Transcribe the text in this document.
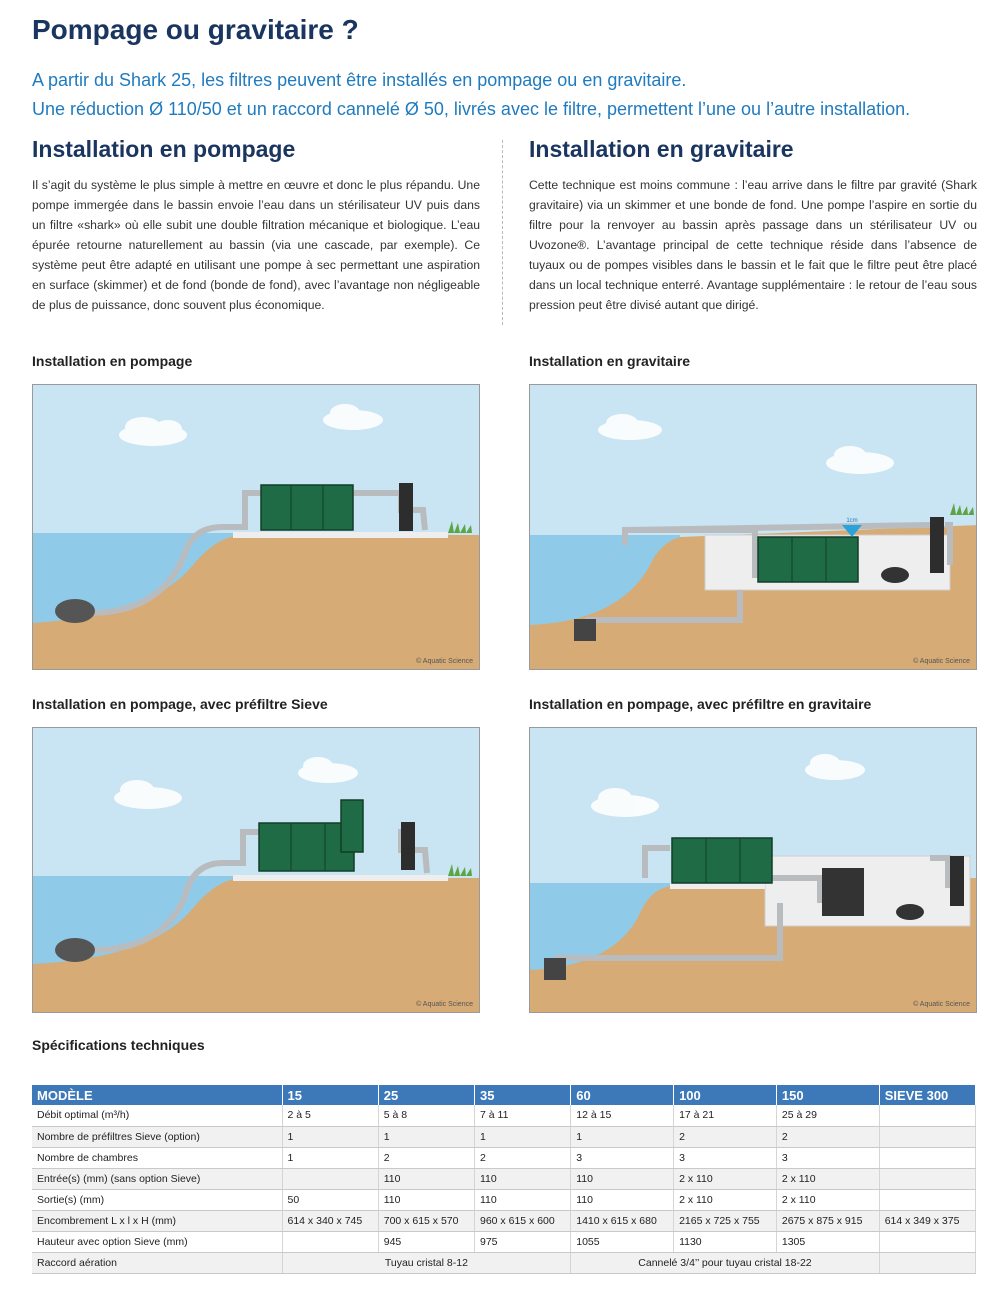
Pompage ou gravitaire ?
A partir du Shark 25, les filtres peuvent être installés en pompage ou en gravitaire.
Une réduction Ø 110/50 et un raccord cannelé Ø 50, livrés avec le filtre, permettent l’une ou l’autre installation.
Installation en pompage

Il s’agit du système le plus simple à mettre en œuvre et donc le plus répandu. Une pompe immergée dans le bassin envoie l’eau dans un stérilisateur UV puis dans un filtre «shark» où elle subit une double filtration mécanique et biologique. L’eau épurée retourne naturellement au bassin (via une cascade, par exemple). Ce système peut être adapté en utilisant une pompe à sec permettant une aspiration en surface (skimmer) et de fond (bonde de fond), avec l’avantage non négligeable de plus de puissance, donc souvent plus économique.

Installation en gravitaire

Cette technique est moins commune : l’eau arrive dans le filtre par gravité (Shark gravitaire) via un skimmer et une bonde de fond. Une pompe l’aspire en sortie du filtre pour la renvoyer au bassin après passage dans un stérilisateur UV ou Uvozone®. L’avantage principal de cette technique réside dans l’absence de tuyaux ou de pompes visibles dans le bassin et le fait que le filtre peut être placé dans un local technique enterré. Avantage supplémentaire : le retour de l’eau sous pression peut être divisé autant que dirigé.

Installation en pompage
© Aquatic Science
Installation en gravitaire
1cm
© Aquatic Science
Installation en pompage, avec préfiltre Sieve
© Aquatic Science
Installation en pompage, avec préfiltre en gravitaire
© Aquatic Science
Spécifications techniques
MODÈLE	15	25	35	60	100	150	SIEVE 300
Débit optimal (m³/h)	2 à 5	5 à 8	7 à 11	12 à 15	17 à 21	25 à 29	
Nombre de préfiltres Sieve (option)	1	1	1	1	2	2	
Nombre de chambres	1	2	2	3	3	3	
Entrée(s) (mm) (sans option Sieve)		110	110	110	2 x 110	2 x 110	
Sortie(s) (mm)	50	110	110	110	2 x 110	2 x 110	
Encombrement L x l x H (mm)	614 x 340 x 745	700 x 615 x 570	960 x 615 x 600	1410 x 615 x 680	2165 x 725 x 755	2675 x 875 x 915	614 x 349 x 375
Hauteur avec option Sieve (mm)		945	975	1055	1130	1305	
Raccord aération	Tuyau cristal 8-12			Cannelé 3/4’’ pour tuyau cristal 18-22			
